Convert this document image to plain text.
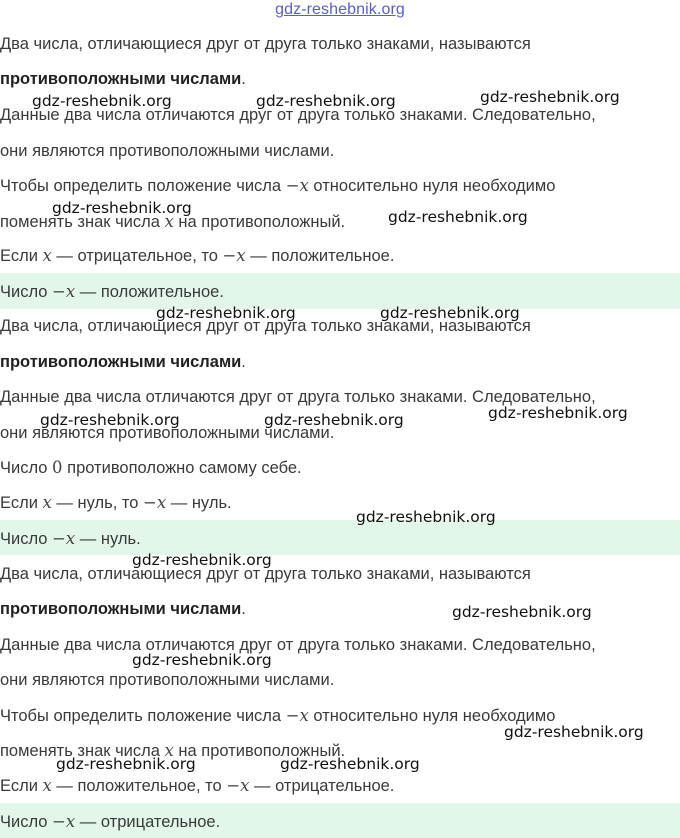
gdz-reshebnik.org
Два числа, отличающиеся друг от друга только знаками, называются
противоположными числами.
Данные два числа отличаются друг от друга только знаками. Следовательно,
они являются противоположными числами.
Чтобы определить положение числа −x относительно нуля необходимо
поменять знак числа x на противоположный.
Если x — отрицательное, то −x — положительное.
Число −x — положительное.
Два числа, отличающиеся друг от друга только знаками, называются
противоположными числами.
Данные два числа отличаются друг от друга только знаками. Следовательно,
они являются противоположными числами.
Число 0 противоположно самому себе.
Если x — нуль, то −x — нуль.
Число −x — нуль.
Два числа, отличающиеся друг от друга только знаками, называются
противоположными числами.
Данные два числа отличаются друг от друга только знаками. Следовательно,
они являются противоположными числами.
Чтобы определить положение числа −x относительно нуля необходимо
поменять знак числа x на противоположный.
Если x — положительное, то −x — отрицательное.
Число −x — отрицательное.
gdz-reshebnik.org	gdz-reshebnik.org	gdz-reshebnik.org
gdz-reshebnik.org	gdz-reshebnik.org
gdz-reshebnik.org	gdz-reshebnik.org
gdz-reshebnik.org	gdz-reshebnik.org	gdz-reshebnik.org
gdz-reshebnik.org
gdz-reshebnik.org
gdz-reshebnik.org
gdz-reshebnik.org
gdz-reshebnik.org
gdz-reshebnik.org	gdz-reshebnik.org
